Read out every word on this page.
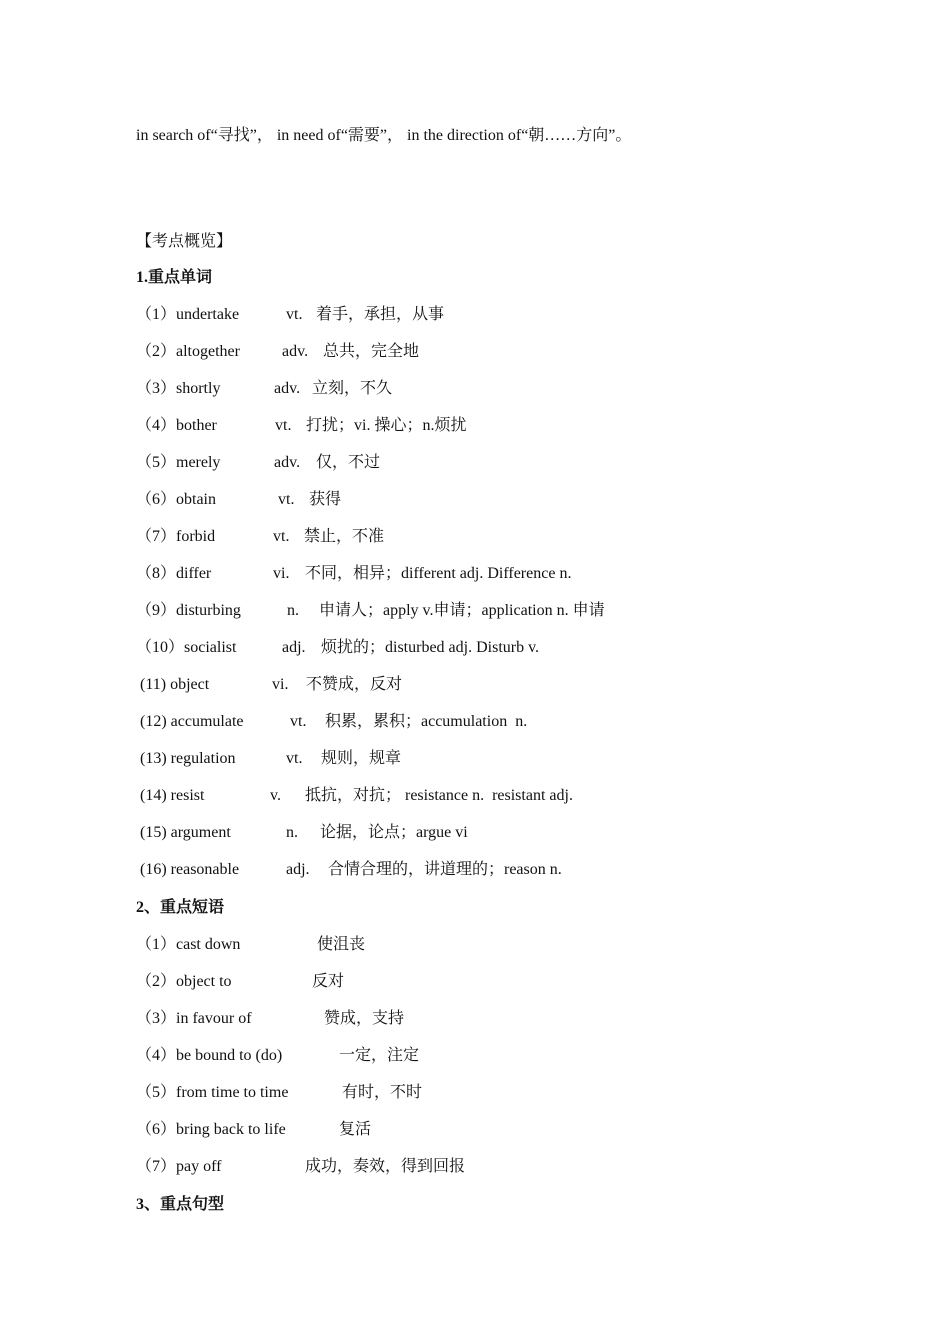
in search of“寻找”， in need of“需要”， in the direction of“朝……方向”。
【考点概览】
1.重点单词
（1）undertake	vt. 着手，承担，从事
（2）altogether	adv. 总共，完全地
（3）shortly	adv. 立刻，不久
（4）bother	vt. 打扰；vi. 操心；n.烦扰
（5）merely	adv. 仅，不过
（6）obtain	vt. 获得
（7）forbid	vt. 禁止，不准
（8）differ	vi. 不同，相异；different adj. Difference n.
（9）disturbing	n. 申请人；apply v.申请；application n. 申请
（10）socialist	adj. 烦扰的；disturbed adj. Disturb v.
(11) object	vi. 不赞成，反对
(12) accumulate	vt. 积累，累积；accumulation  n.
(13) regulation	vt. 规则，规章
(14) resist	v. 抵抗，对抗； resistance n.  resistant adj.
(15) argument	n. 论据，论点；argue vi
(16) reasonable	adj. 合情合理的，讲道理的；reason n.
2、重点短语
（1）cast down	使沮丧
（2）object to	反对
（3）in favour of	赞成，支持
（4）be bound to (do)	一定，注定
（5）from time to time	有时，不时
（6）bring back to life	复活
（7）pay off	成功，奏效，得到回报
3、重点句型
